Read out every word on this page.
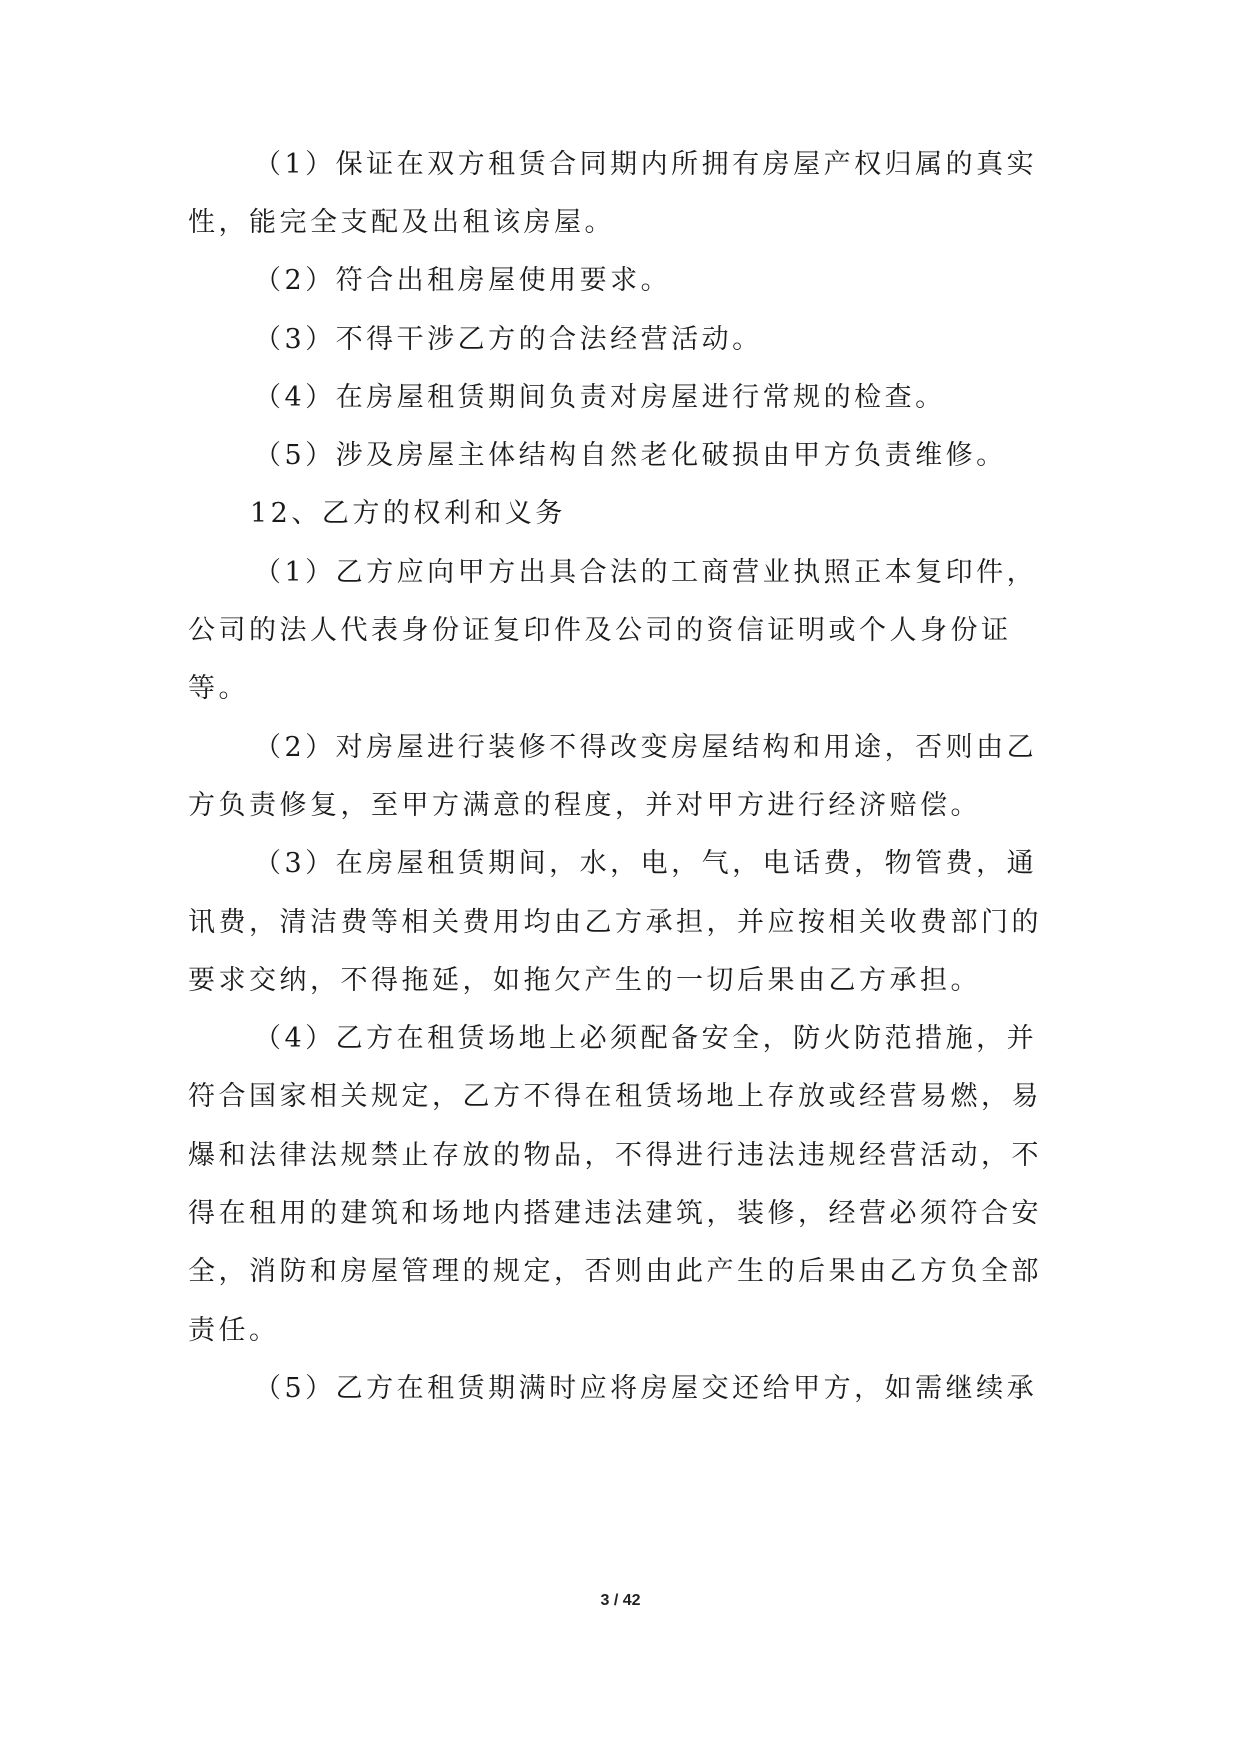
（1）保证在双方租赁合同期内所拥有房屋产权归属的真实
性，能完全支配及出租该房屋。
（2）符合出租房屋使用要求。
（3）不得干涉乙方的合法经营活动。
（4）在房屋租赁期间负责对房屋进行常规的检查。
（5）涉及房屋主体结构自然老化破损由甲方负责维修。
12、乙方的权利和义务
（1）乙方应向甲方出具合法的工商营业执照正本复印件，
公司的法人代表身份证复印件及公司的资信证明或个人身份证
等。
（2）对房屋进行装修不得改变房屋结构和用途，否则由乙
方负责修复，至甲方满意的程度，并对甲方进行经济赔偿。
（3）在房屋租赁期间，水，电，气，电话费，物管费，通
讯费，清洁费等相关费用均由乙方承担，并应按相关收费部门的
要求交纳，不得拖延，如拖欠产生的一切后果由乙方承担。
（4）乙方在租赁场地上必须配备安全，防火防范措施，并
符合国家相关规定，乙方不得在租赁场地上存放或经营易燃，易
爆和法律法规禁止存放的物品，不得进行违法违规经营活动，不
得在租用的建筑和场地内搭建违法建筑，装修，经营必须符合安
全，消防和房屋管理的规定，否则由此产生的后果由乙方负全部
责任。
（5）乙方在租赁期满时应将房屋交还给甲方，如需继续承
3 / 42
